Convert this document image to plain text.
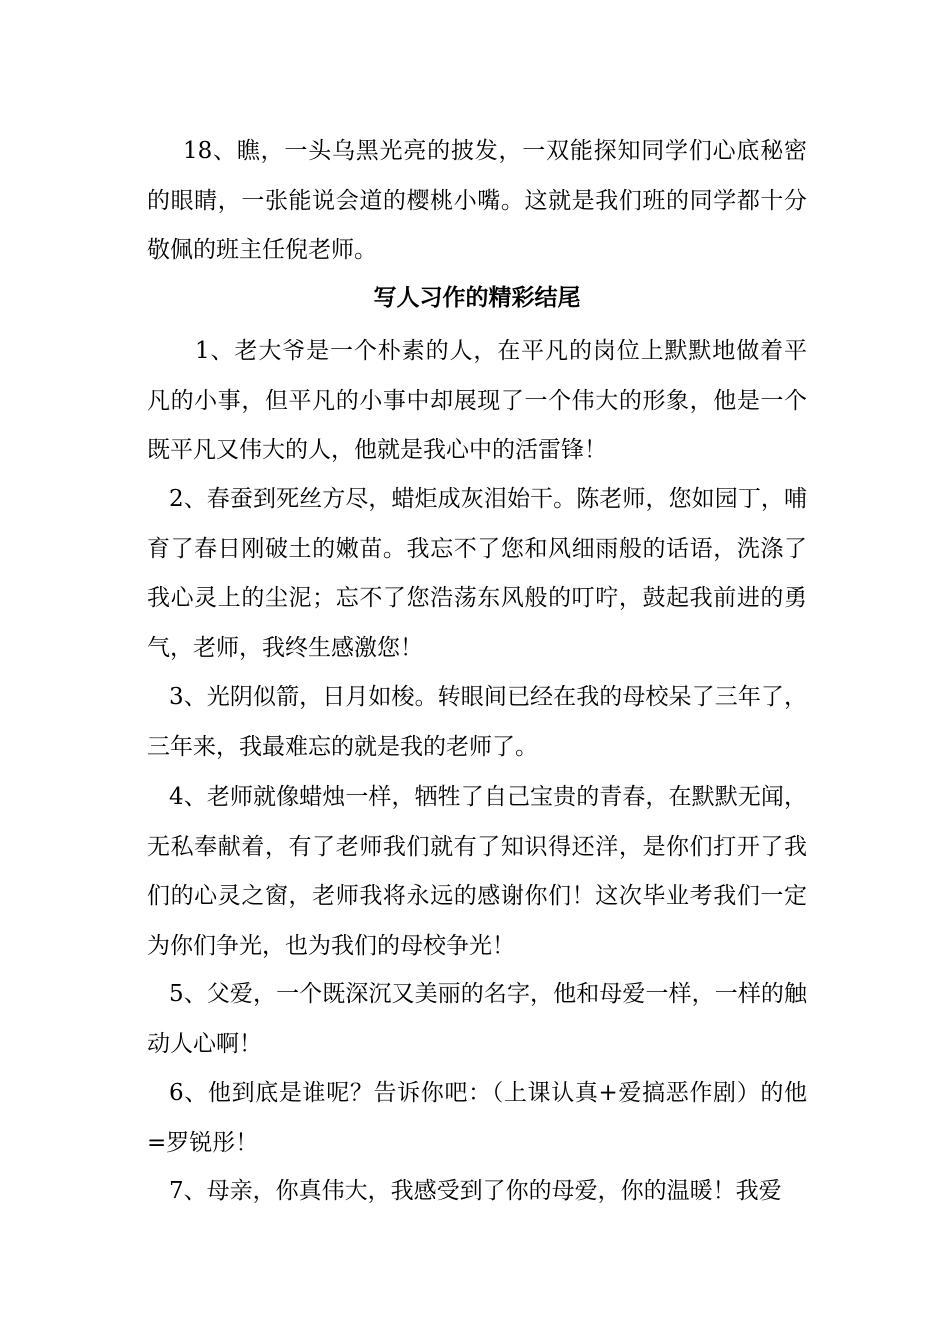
18、瞧，一头乌黑光亮的披发，一双能探知同学们心底秘密的眼睛，一张能说会道的樱桃小嘴。这就是我们班的同学都十分敬佩的班主任倪老师。

写人习作的精彩结尾

1、老大爷是一个朴素的人，在平凡的岗位上默默地做着平凡的小事，但平凡的小事中却展现了一个伟大的形象，他是一个既平凡又伟大的人，他就是我心中的活雷锋！

2、春蚕到死丝方尽，蜡炬成灰泪始干。陈老师，您如园丁，哺育了春日刚破土的嫩苗。我忘不了您和风细雨般的话语，洗涤了我心灵上的尘泥；忘不了您浩荡东风般的叮咛，鼓起我前进的勇气，老师，我终生感激您！

3、光阴似箭，日月如梭。转眼间已经在我的母校呆了三年了，三年来，我最难忘的就是我的老师了。

4、老师就像蜡烛一样，牺牲了自己宝贵的青春，在默默无闻，无私奉献着，有了老师我们就有了知识得还洋，是你们打开了我们的心灵之窗，老师我将永远的感谢你们！这次毕业考我们一定为你们争光，也为我们的母校争光！

5、父爱，一个既深沉又美丽的名字，他和母爱一样，一样的触动人心啊！

6、他到底是谁呢？告诉你吧：（上课认真+爱搞恶作剧）的他=罗锐彤！

7、母亲，你真伟大，我感受到了你的母爱，你的温暖！我爱
